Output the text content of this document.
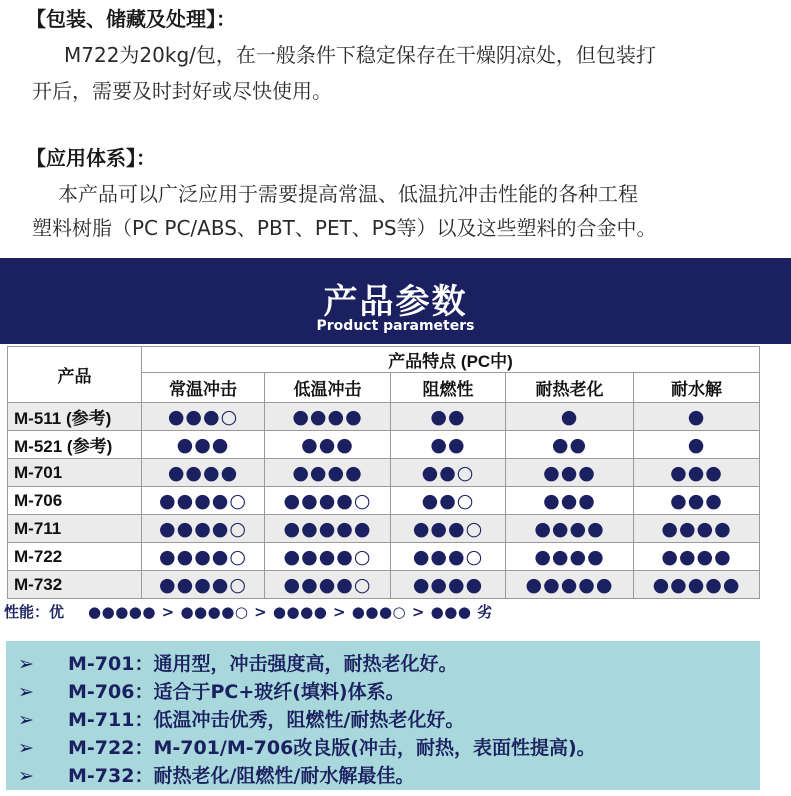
【包装、储藏及处理】：
M722为20kg/包，在一般条件下稳定保存在干燥阴凉处，但包装打
开后，需要及时封好或尽快使用。
【应用体系】：
本产品可以广泛应用于需要提高常温、低温抗冲击性能的各种工程
塑料树脂（PC PC/ABS、PBT、PET、PS等）以及这些塑料的合金中。
产品参数
Product parameters
产品	产品特点 (PC中)				
	常温冲击	低温冲击	阻燃性	耐热老化	耐水解
M-511 (参考)	●●●○	●●●●	●●	●	●
M-521 (参考)	●●●	●●●	●●	●●	●
M-701	●●●●	●●●●	●●○	●●●	●●●
M-706	●●●●○	●●●●○	●●○	●●●	●●●
M-711	●●●●○	●●●●●	●●●○	●●●●	●●●●
M-722	●●●●○	●●●●○	●●●○	●●●●	●●●●
M-732	●●●●○	●●●●○	●●●●	●●●●●	●●●●●
性能：优 ●●●●● > ●●●●○ > ●●●● > ●●●○ > ●●● 劣
➢ M-701：通用型，冲击强度高，耐热老化好。
➢ M-706：适合于PC+玻纤(填料)体系。
➢ M-711：低温冲击优秀，阻燃性/耐热老化好。
➢ M-722：M-701/M-706改良版(冲击，耐热，表面性提高)。
➢ M-732：耐热老化/阻燃性/耐水解最佳。
